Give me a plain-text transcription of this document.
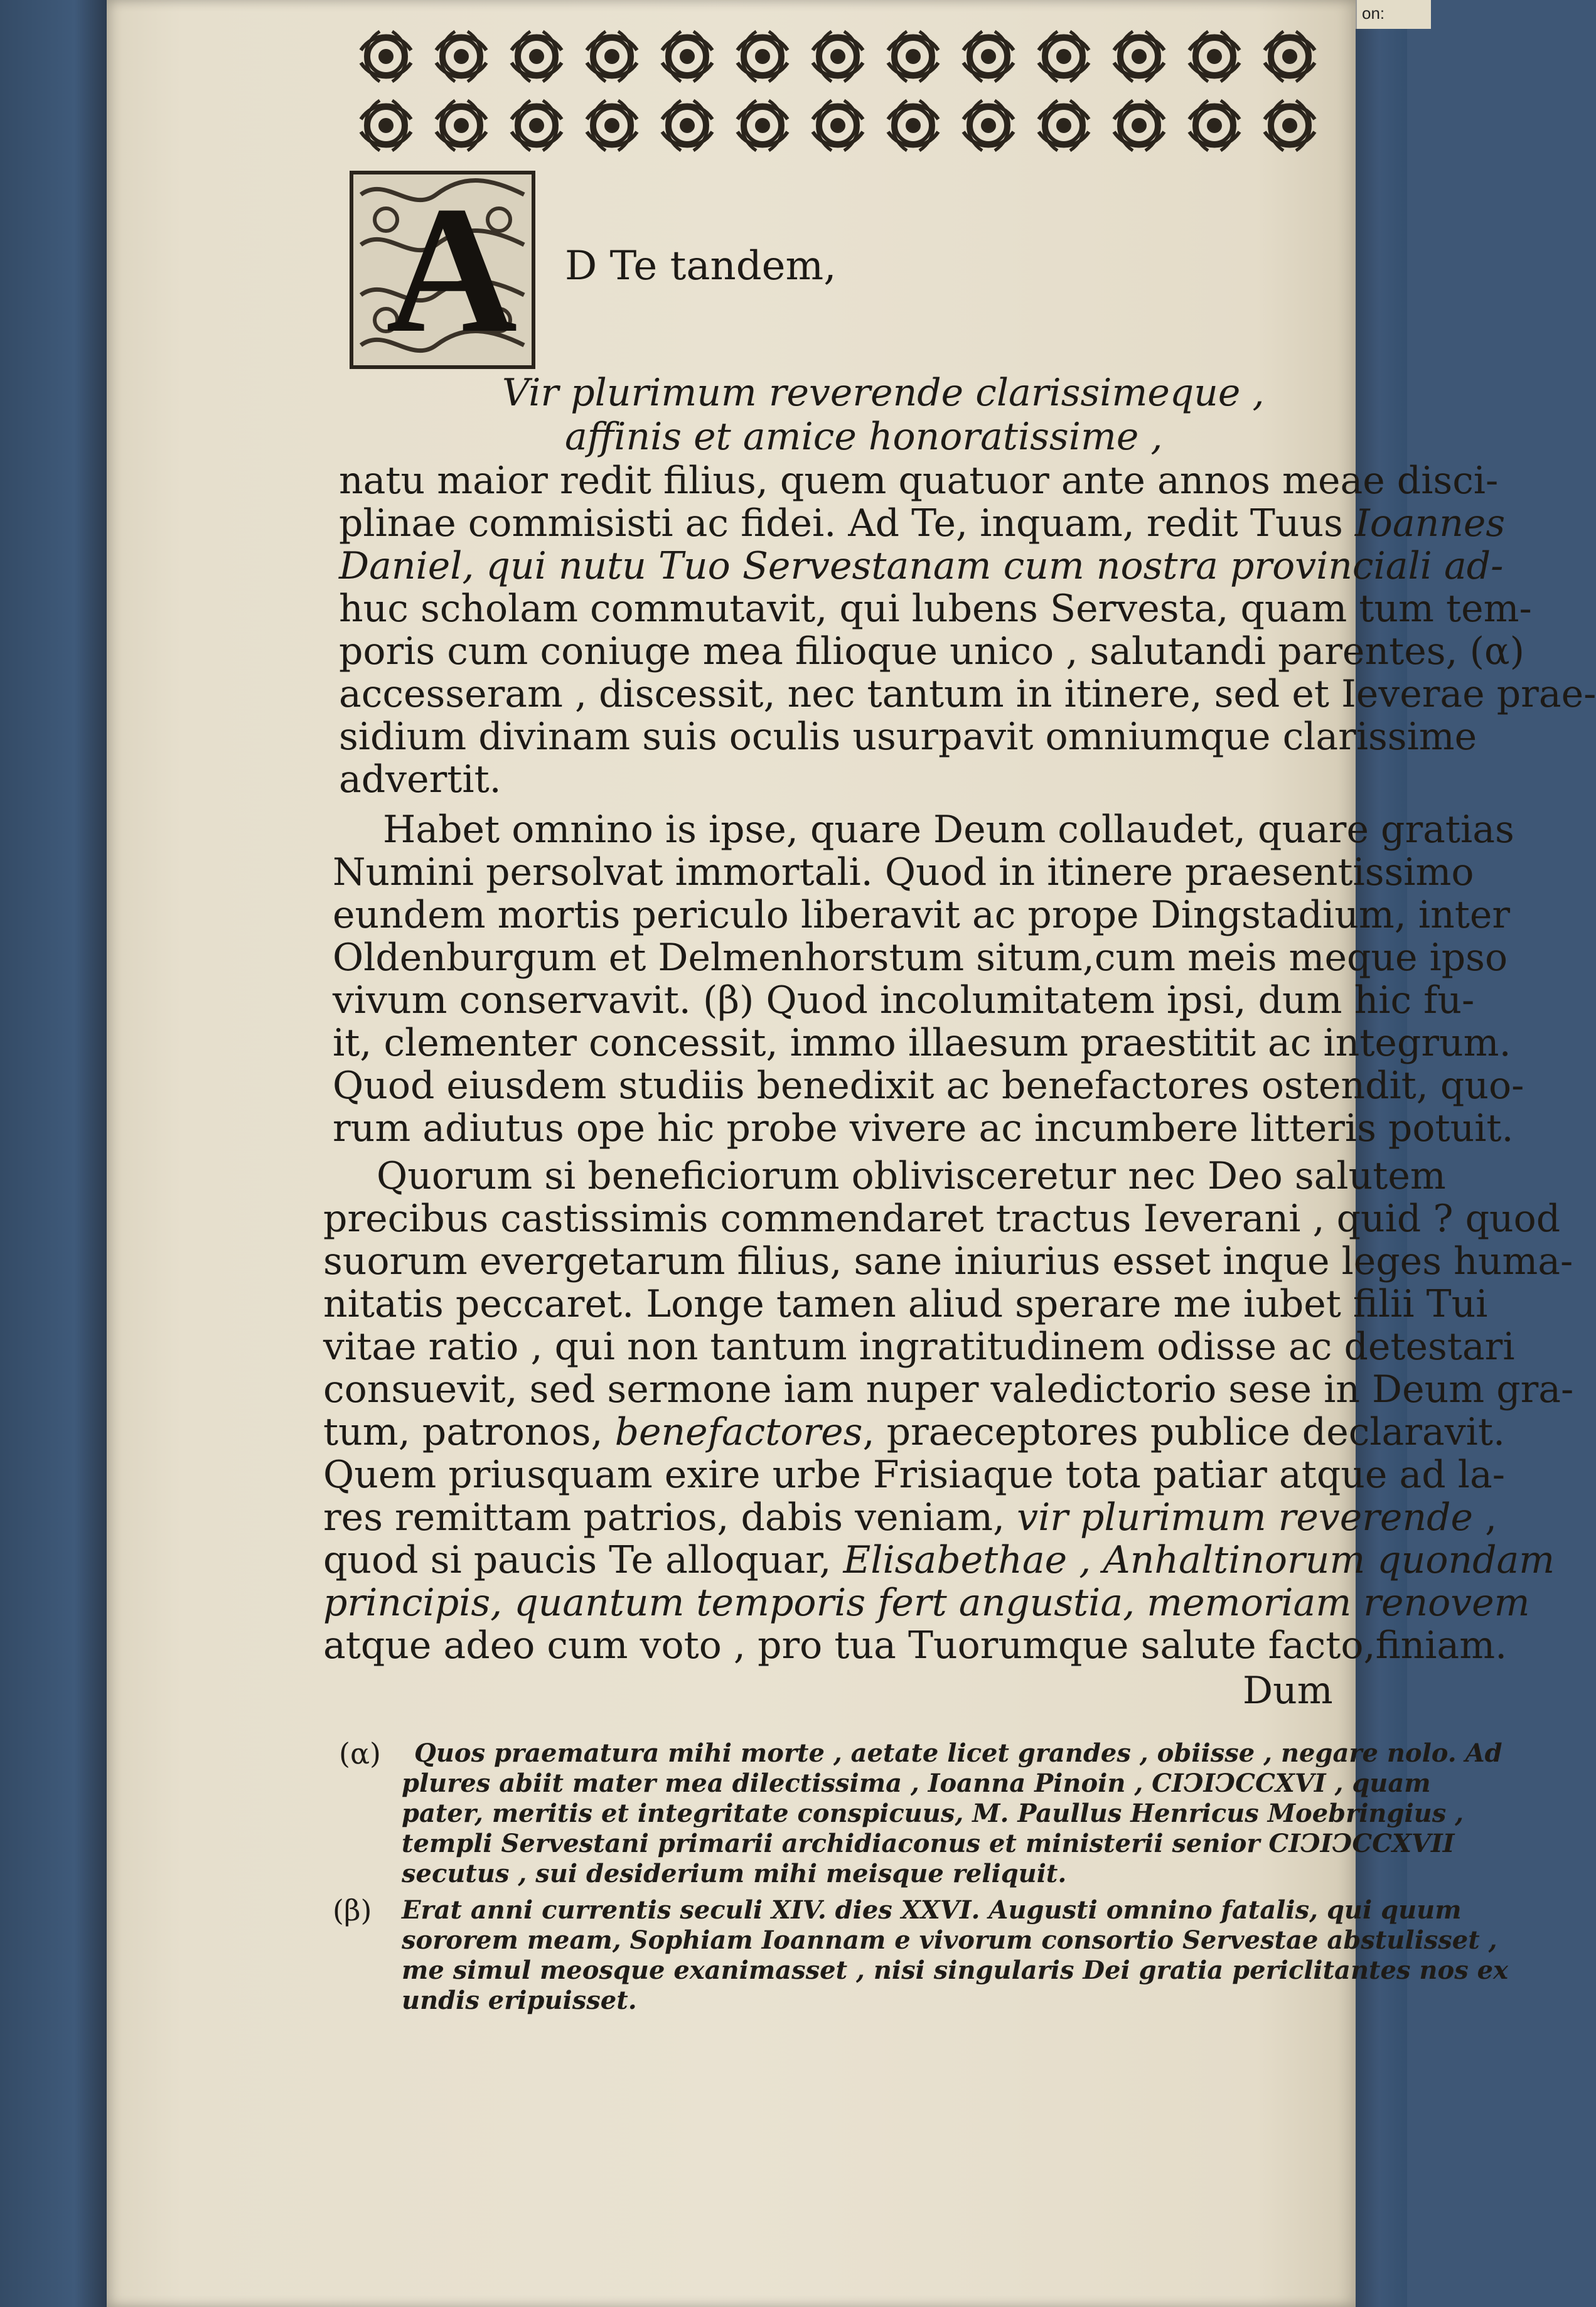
on:
A D Te tandem,
Vir plurimum reverende clarissimeque ,
affinis et amice honoratissime ,
natu maior redit filius, quem quatuor ante annos meae disci-
plinae commisisti ac fidei. Ad Te, inquam, redit Tuus Ioannes
Daniel, qui nutu Tuo Servestanam cum nostra provinciali ad-
huc scholam commutavit, qui lubens Servesta, quam tum tem-
poris cum coniuge mea filioque unico , salutandi parentes, (α)
accesseram , discessit, nec tantum in itinere, sed et Ieverae prae-
sidium divinam suis oculis usurpavit omniumque clarissime
advertit.
Habet omnino is ipse, quare Deum collaudet, quare gratias
Numini persolvat immortali. Quod in itinere praesentissimo
eundem mortis periculo liberavit ac prope Dingstadium, inter
Oldenburgum et Delmenhorstum situm,cum meis meque ipso
vivum conservavit. (β) Quod incolumitatem ipsi, dum hic fu-
it, clementer concessit, immo illaesum praestitit ac integrum.
Quod eiusdem studiis benedixit ac benefactores ostendit, quo-
rum adiutus ope hic probe vivere ac incumbere litteris potuit.
Quorum si beneficiorum oblivisceretur nec Deo salutem
precibus castissimis commendaret tractus Ieverani , quid ? quod
suorum evergetarum filius, sane iniurius esset inque leges huma-
nitatis peccaret. Longe tamen aliud sperare me iubet filii Tui
vitae ratio , qui non tantum ingratitudinem odisse ac detestari
consuevit, sed sermone iam nuper valedictorio sese in Deum gra-
tum, patronos, benefactores, praeceptores publice declaravit.
Quem priusquam exire urbe Frisiaque tota patiar atque ad la-
res remittam patrios, dabis veniam, vir plurimum reverende ,
quod si paucis Te alloquar, Elisabethae , Anhaltinorum quondam
principis, quantum temporis fert angustia, memoriam renovem
atque adeo cum voto , pro tua Tuorumque salute facto,finiam.
Dum
(α) Quos praematura mihi morte , aetate licet grandes , obiisse , negare nolo. Ad
plures abiit mater mea dilectissima , Ioanna Pinoin , CIↃIↃCCXVI , quam
pater, meritis et integritate conspicuus, M. Paullus Henricus Moebringius ,
templi Servestani primarii archidiaconus et ministerii senior CIↃIↃCCXVII
secutus , sui desiderium mihi meisque reliquit.
(β) Erat anni currentis seculi XIV. dies XXVI. Augusti omnino fatalis, qui quum
sororem meam, Sophiam Ioannam e vivorum consortio Servestae abstulisset ,
me simul meosque exanimasset , nisi singularis Dei gratia periclitantes nos ex
undis eripuisset.
